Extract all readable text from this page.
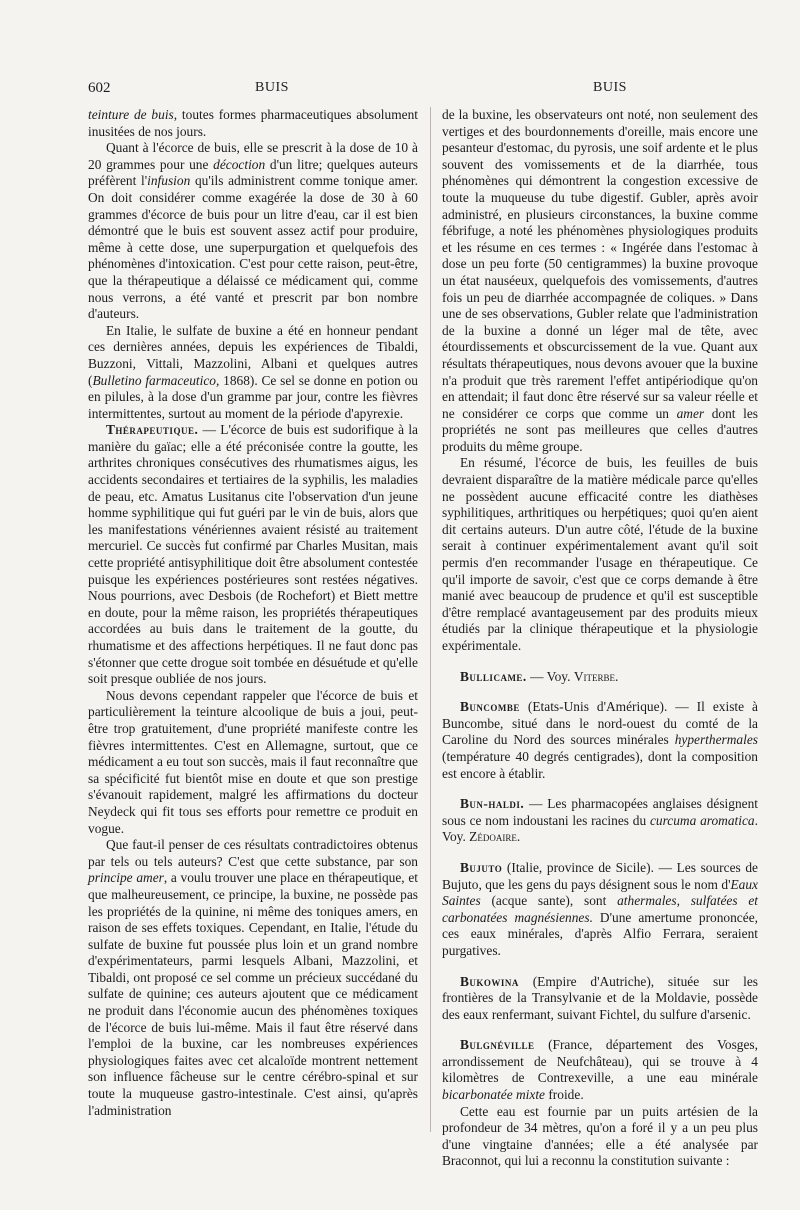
602	BUIS	BUIS

teinture de buis, toutes formes pharmaceutiques absolument inusitées de nos jours.

Quant à l'écorce de buis, elle se prescrit à la dose de 10 à 20 grammes pour une décoction d'un litre; quelques auteurs préfèrent l'infusion qu'ils administrent comme tonique amer. On doit considérer comme exagérée la dose de 30 à 60 grammes d'écorce de buis pour un litre d'eau, car il est bien démontré que le buis est souvent assez actif pour produire, même à cette dose, une superpurgation et quelquefois des phénomènes d'intoxication. C'est pour cette raison, peut-être, que la thérapeutique a délaissé ce médicament qui, comme nous verrons, a été vanté et prescrit par bon nombre d'auteurs.

En Italie, le sulfate de buxine a été en honneur pendant ces dernières années, depuis les expériences de Tibaldi, Buzzoni, Vittali, Mazzolini, Albani et quelques autres (Bulletino farmaceutico, 1868). Ce sel se donne en potion ou en pilules, à la dose d'un gramme par jour, contre les fièvres intermittentes, surtout au moment de la période d'apyrexie.

Thérapeutique. — L'écorce de buis est sudorifique à la manière du gaïac; elle a été préconisée contre la goutte, les arthrites chroniques consécutives des rhumatismes aigus, les accidents secondaires et tertiaires de la syphilis, les maladies de peau, etc. Amatus Lusitanus cite l'observation d'un jeune homme syphilitique qui fut guéri par le vin de buis, alors que les manifestations vénériennes avaient résisté au traitement mercuriel. Ce succès fut confirmé par Charles Musitan, mais cette propriété antisyphilitique doit être absolument contestée puisque les expériences postérieures sont restées négatives. Nous pourrions, avec Desbois (de Rochefort) et Biett mettre en doute, pour la même raison, les propriétés thérapeutiques accordées au buis dans le traitement de la goutte, du rhumatisme et des affections herpétiques. Il ne faut donc pas s'étonner que cette drogue soit tombée en désuétude et qu'elle soit presque oubliée de nos jours.

Nous devons cependant rappeler que l'écorce de buis et particulièrement la teinture alcoolique de buis a joui, peut-être trop gratuitement, d'une propriété manifeste contre les fièvres intermittentes. C'est en Allemagne, surtout, que ce médicament a eu tout son succès, mais il faut reconnaître que sa spécificité fut bientôt mise en doute et que son prestige s'évanouit rapidement, malgré les affirmations du docteur Neydeck qui fit tous ses efforts pour remettre ce produit en vogue.

Que faut-il penser de ces résultats contradictoires obtenus par tels ou tels auteurs? C'est que cette substance, par son principe amer, a voulu trouver une place en thérapeutique, et que malheureusement, ce principe, la buxine, ne possède pas les propriétés de la quinine, ni même des toniques amers, en raison de ses effets toxiques. Cependant, en Italie, l'étude du sulfate de buxine fut poussée plus loin et un grand nombre d'expérimentateurs, parmi lesquels Albani, Mazzolini, et Tibaldi, ont proposé ce sel comme un précieux succédané du sulfate de quinine; ces auteurs ajoutent que ce médicament ne produit dans l'économie aucun des phénomènes toxiques de l'écorce de buis lui-même. Mais il faut être réservé dans l'emploi de la buxine, car les nombreuses expériences physiologiques faites avec cet alcaloïde montrent nettement son influence fâcheuse sur le centre cérébro-spinal et sur toute la muqueuse gastro-intestinale. C'est ainsi, qu'après l'administration

de la buxine, les observateurs ont noté, non seulement des vertiges et des bourdonnements d'oreille, mais encore une pesanteur d'estomac, du pyrosis, une soif ardente et le plus souvent des vomissements et de la diarrhée, tous phénomènes qui démontrent la congestion excessive de toute la muqueuse du tube digestif. Gubler, après avoir administré, en plusieurs circonstances, la buxine comme fébrifuge, a noté les phénomènes physiologiques produits et les résume en ces termes : « Ingérée dans l'estomac à dose un peu forte (50 centigrammes) la buxine provoque un état nauséeux, quelquefois des vomissements, d'autres fois un peu de diarrhée accompagnée de coliques. » Dans une de ses observations, Gubler relate que l'administration de la buxine a donné un léger mal de tête, avec étourdissements et obscurcissement de la vue. Quant aux résultats thérapeutiques, nous devons avouer que la buxine n'a produit que très rarement l'effet antipériodique qu'on en attendait; il faut donc être réservé sur sa valeur réelle et ne considérer ce corps que comme un amer dont les propriétés ne sont pas meilleures que celles d'autres produits du même groupe.

En résumé, l'écorce de buis, les feuilles de buis devraient disparaître de la matière médicale parce qu'elles ne possèdent aucune efficacité contre les diathèses syphilitiques, arthritiques ou herpétiques; quoi qu'en aient dit certains auteurs. D'un autre côté, l'étude de la buxine serait à continuer expérimentalement avant qu'il soit permis d'en recommander l'usage en thérapeutique. Ce qu'il importe de savoir, c'est que ce corps demande à être manié avec beaucoup de prudence et qu'il est susceptible d'être remplacé avantageusement par des produits mieux étudiés par la clinique thérapeutique et la physiologie expérimentale.

Bullicame. — Voy. Viterbe.

Buncombe (Etats-Unis d'Amérique). — Il existe à Buncombe, situé dans le nord-ouest du comté de la Caroline du Nord des sources minérales hyperthermales (température 40 degrés centigrades), dont la composition est encore à établir.

Bun-haldi. — Les pharmacopées anglaises désignent sous ce nom indoustani les racines du curcuma aromatica. Voy. Zédoaire.

Bujuto (Italie, province de Sicile). — Les sources de Bujuto, que les gens du pays désignent sous le nom d'Eaux Saintes (acque sante), sont athermales, sulfatées et carbonatées magnésiennes. D'une amertume prononcée, ces eaux minérales, d'après Alfio Ferrara, seraient purgatives.

Bukowina (Empire d'Autriche), située sur les frontières de la Transylvanie et de la Moldavie, possède des eaux renfermant, suivant Fichtel, du sulfure d'arsenic.

Bulgnéville (France, département des Vosges, arrondissement de Neufchâteau), qui se trouve à 4 kilomètres de Contrexeville, a une eau minérale bicarbonatée mixte froide.

Cette eau est fournie par un puits artésien de la profondeur de 34 mètres, qu'on a foré il y a un peu plus d'une vingtaine d'années; elle a été analysée par Braconnot, qui lui a reconnu la constitution suivante :
